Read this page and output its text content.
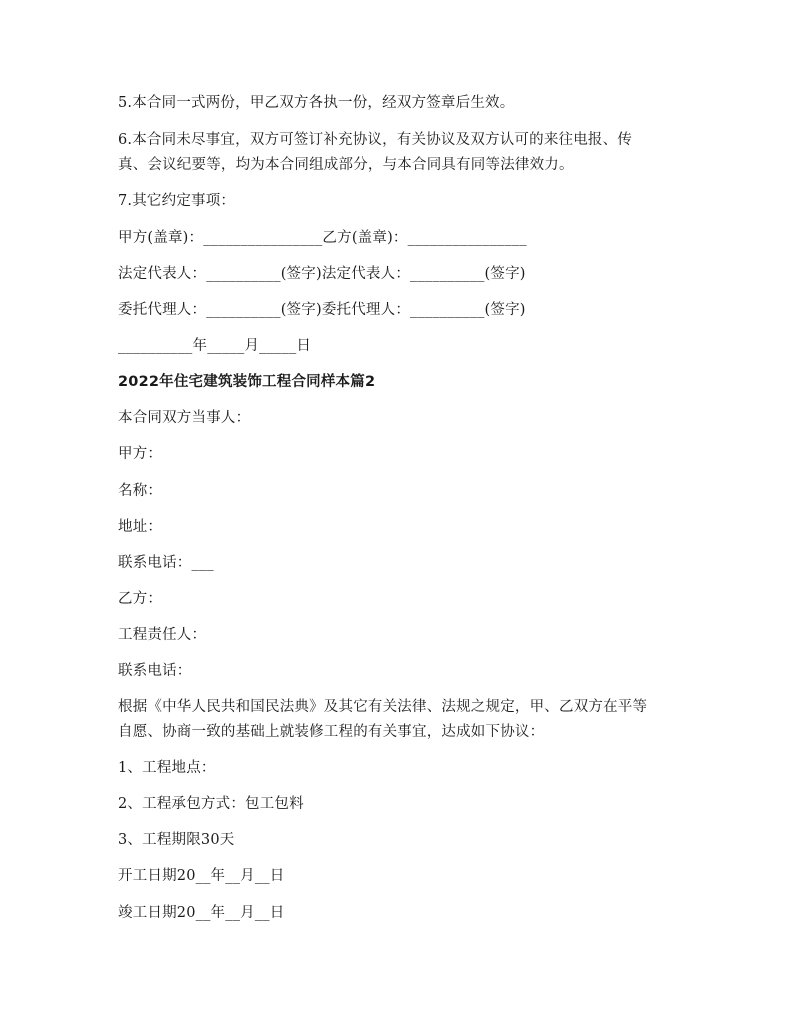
5.本合同一式两份，甲乙双方各执一份，经双方签章后生效。
6.本合同未尽事宜，双方可签订补充协议，有关协议及双方认可的来往电报、传
真、会议纪要等，均为本合同组成部分，与本合同具有同等法律效力。
7.其它约定事项：
甲方(盖章)：________________乙方(盖章)：________________
法定代表人：__________(签字)法定代表人：__________(签字)
委托代理人：__________(签字)委托代理人：__________(签字)
__________年_____月_____日
2022年住宅建筑装饰工程合同样本篇2
本合同双方当事人：
甲方：
名称：
地址：
联系电话：___
乙方：
工程责任人：
联系电话：
根据《中华人民共和国民法典》及其它有关法律、法规之规定，甲、乙双方在平等
自愿、协商一致的基础上就装修工程的有关事宜，达成如下协议：
1、工程地点：
2、工程承包方式：包工包料
3、工程期限30天
开工日期20__年__月__日
竣工日期20__年__月__日
